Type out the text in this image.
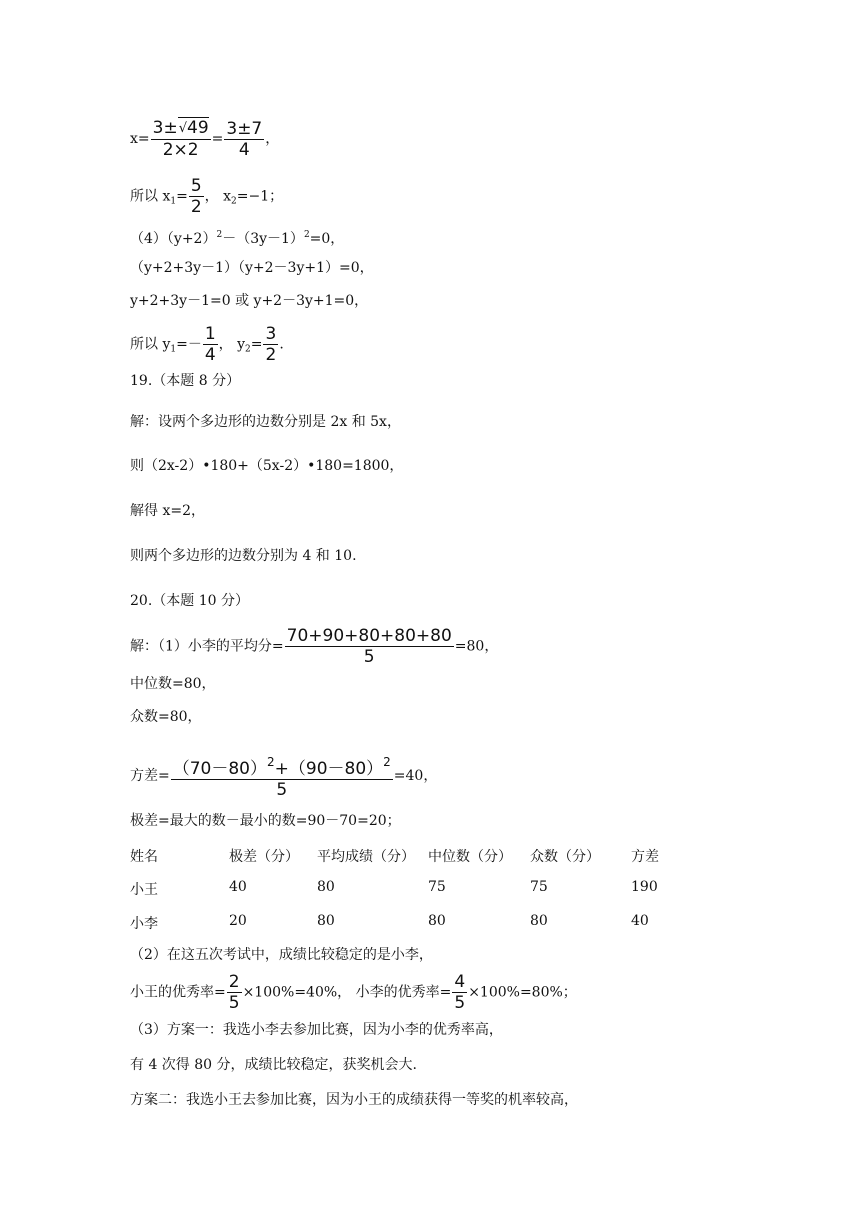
$x= \frac{3\pm√49}{2\times 2} = \frac{3\pm 7}{4}$ ，
所以 $x_1= \frac{5}{2}$ ， $x_2=-1$；
$(4)(y+2)^2-(3y-1)^2=0$，
（y+2+3y－1）（y+2－3y+1）=0，
y+2+3y－1=0 或 y+2－3y+1=0，
所以 $y_1=- \frac{1}{4}$ ， $y_2= \frac{3}{2}$ .
19.（本题 8 分）
解：设两个多边形的边数分别是 2x 和 5x，
则（2x-2）•180+（5x-2）•180=1800，
解得 x=2，
则两个多边形的边数分别为 4 和 10.
20.（本题 10 分）
解：（1）小李的平均分= $\frac{70+90+80+80+80}{5} =80$，
中位数=80，
众数=80，
方差= $\frac{(70-80)^2+(90-80)^2}{5} =40$，
极差=最大的数－最小的数=90－70=20；
姓名	极差（分） 平均成绩（分） 中位数（分） 众数（分） 方差
小王	40	80	75	75	190
小李	20	80	80	80	40
（2）在这五次考试中，成绩比较稳定的是小李，
小王的优秀率= $\frac{2}{5} \times 100\%=40\%$， 小李的优秀率= $\frac{4}{5} \times 100\%=80\%$；
（3）方案一：我选小李去参加比赛，因为小李的优秀率高，
有 4 次得 80 分，成绩比较稳定，获奖机会大.
方案二：我选小王去参加比赛，因为小王的成绩获得一等奖的机率较高，
